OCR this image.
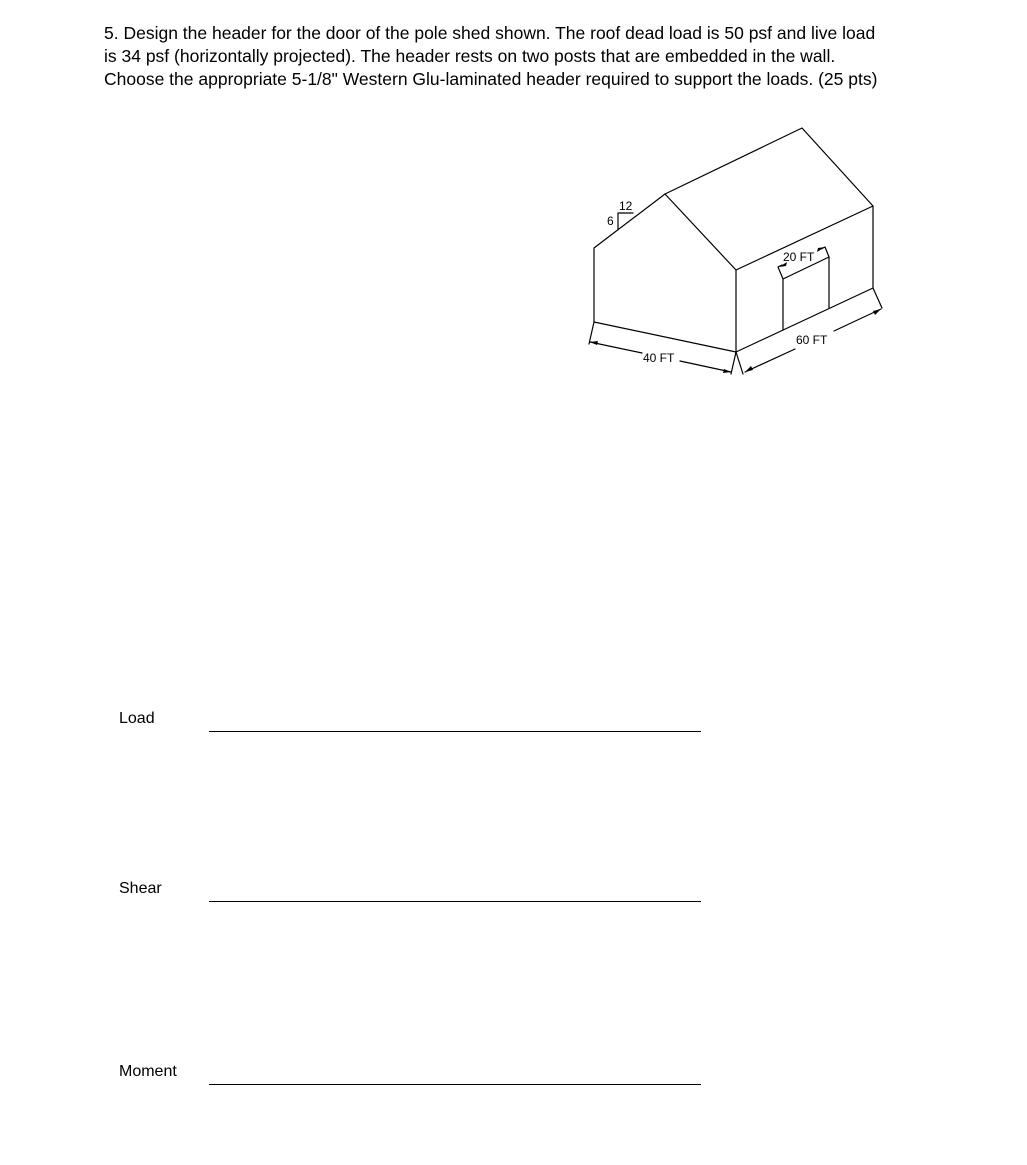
5. Design the header for the door of the pole shed shown. The roof dead load is 50 psf and live load
is 34 psf (horizontally projected). The header rests on two posts that are embedded in the wall.
Choose the appropriate 5-1/8" Western Glu-laminated header required to support the loads. (25 pts)
6
12
20 FT
40 FT
60 FT
Load
Shear
Moment
